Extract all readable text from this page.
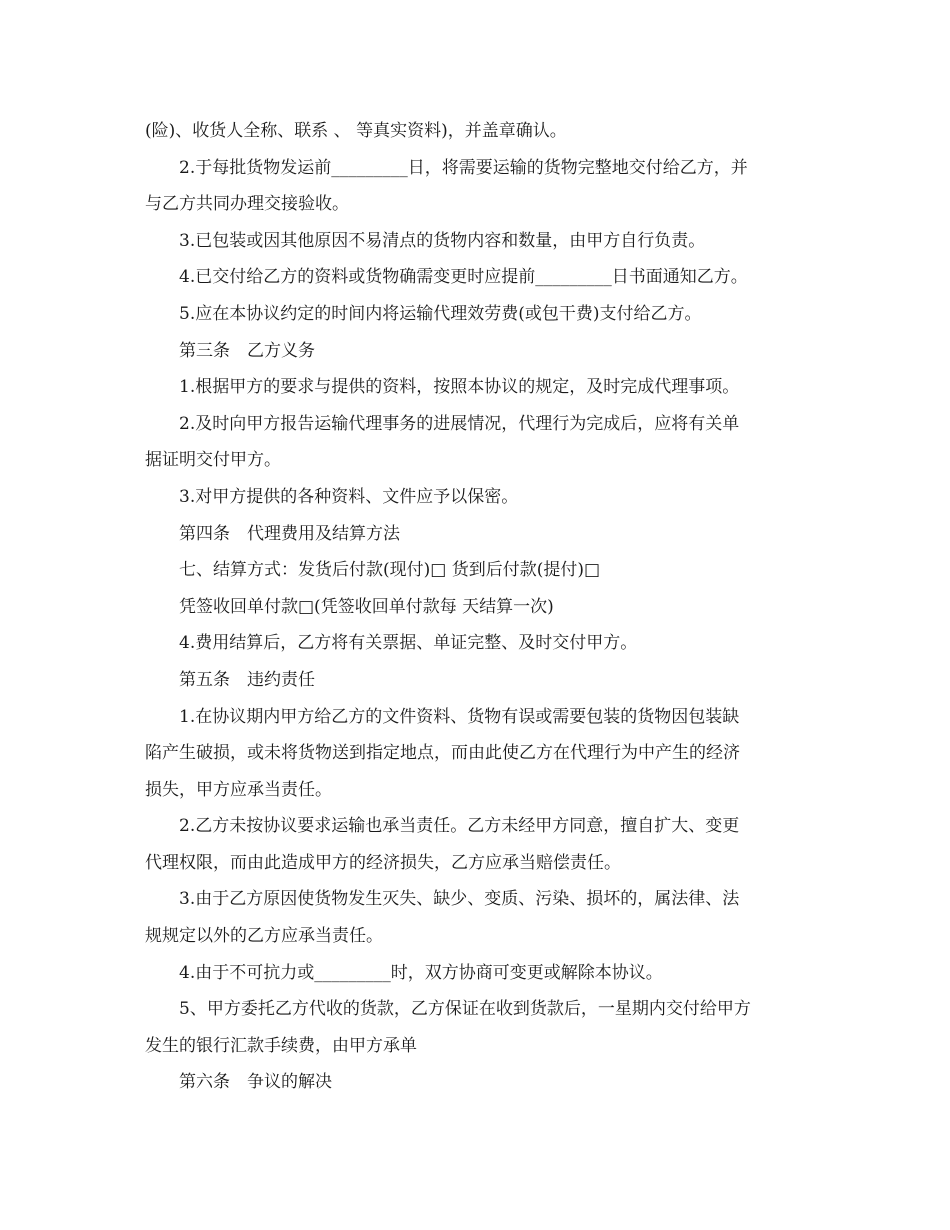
(险)、收货人全称、联系 、 等真实资料)，并盖章确认。
2.于每批货物发运前_________日，将需要运输的货物完整地交付给乙方，并
与乙方共同办理交接验收。
3.已包装或因其他原因不易清点的货物内容和数量，由甲方自行负责。
4.已交付给乙方的资料或货物确需变更时应提前_________日书面通知乙方。
5.应在本协议约定的时间内将运输代理效劳费(或包干费)支付给乙方。
第三条　乙方义务
1.根据甲方的要求与提供的资料，按照本协议的规定，及时完成代理事项。
2.及时向甲方报告运输代理事务的进展情况，代理行为完成后，应将有关单
据证明交付甲方。
3.对甲方提供的各种资料、文件应予以保密。
第四条　代理费用及结算方法
七、结算方式：发货后付款(现付)□ 货到后付款(提付)□
凭签收回单付款□(凭签收回单付款每 天结算一次)
4.费用结算后，乙方将有关票据、单证完整、及时交付甲方。
第五条　违约责任
1.在协议期内甲方给乙方的文件资料、货物有误或需要包装的货物因包装缺
陷产生破损，或未将货物送到指定地点，而由此使乙方在代理行为中产生的经济
损失，甲方应承当责任。
2.乙方未按协议要求运输也承当责任。乙方未经甲方同意，擅自扩大、变更
代理权限，而由此造成甲方的经济损失，乙方应承当赔偿责任。
3.由于乙方原因使货物发生灭失、缺少、变质、污染、损坏的，属法律、法
规规定以外的乙方应承当责任。
4.由于不可抗力或_________时，双方协商可变更或解除本协议。
5、甲方委托乙方代收的货款，乙方保证在收到货款后，一星期内交付给甲方
发生的银行汇款手续费，由甲方承单
第六条　争议的解决
